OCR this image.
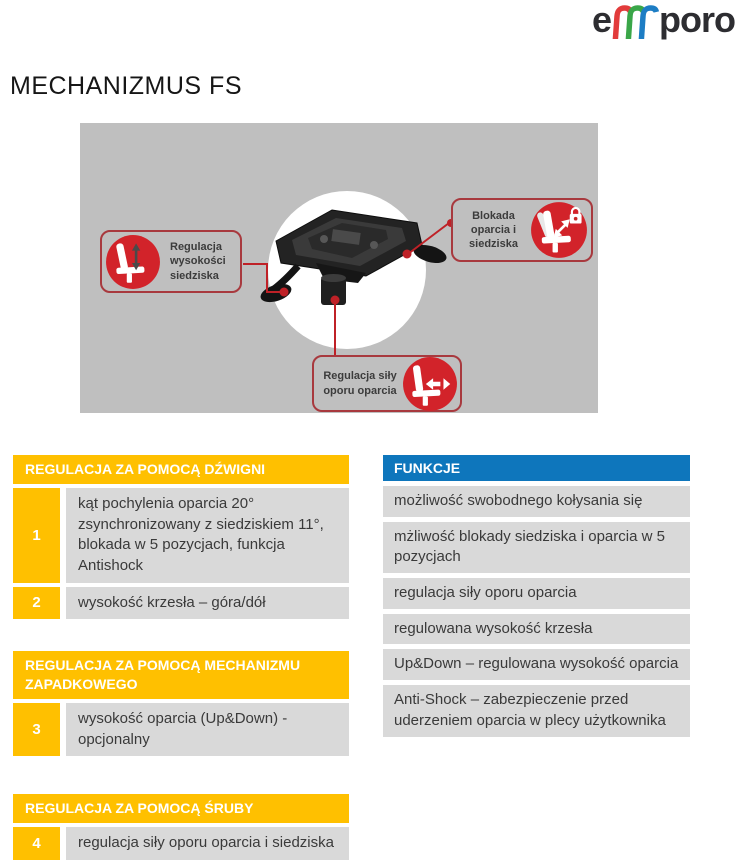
e poro
MECHANIZMUS FS
Regulacja
wysokości
siedziska
Blokada
oparcia i siedziska
Regulacja siły
oporu oparcia
REGULACJA ZA POMOCĄ DŹWIGNI
1
kąt pochylenia oparcia 20° zsynchronizowany z siedziskiem 11°, blokada w 5 pozycjach, funkcja Antishock
2	wysokość krzesła – góra/dół
REGULACJA ZA POMOCĄ MECHANIZMU ZAPADKOWEGO
3
wysokość oparcia (Up&Down) - opcjonalny
REGULACJA ZA POMOCĄ ŚRUBY
4	regulacja siły oporu oparcia i siedziska
FUNKCJE
możliwość swobodnego kołysania się
mżliwość blokady siedziska i oparcia w 5 pozycjach
regulacja siły oporu oparcia
regulowana wysokość krzesła
Up&Down – regulowana wysokość oparcia
Anti-Shock – zabezpieczenie przed uderzeniem oparcia w plecy użytkownika
